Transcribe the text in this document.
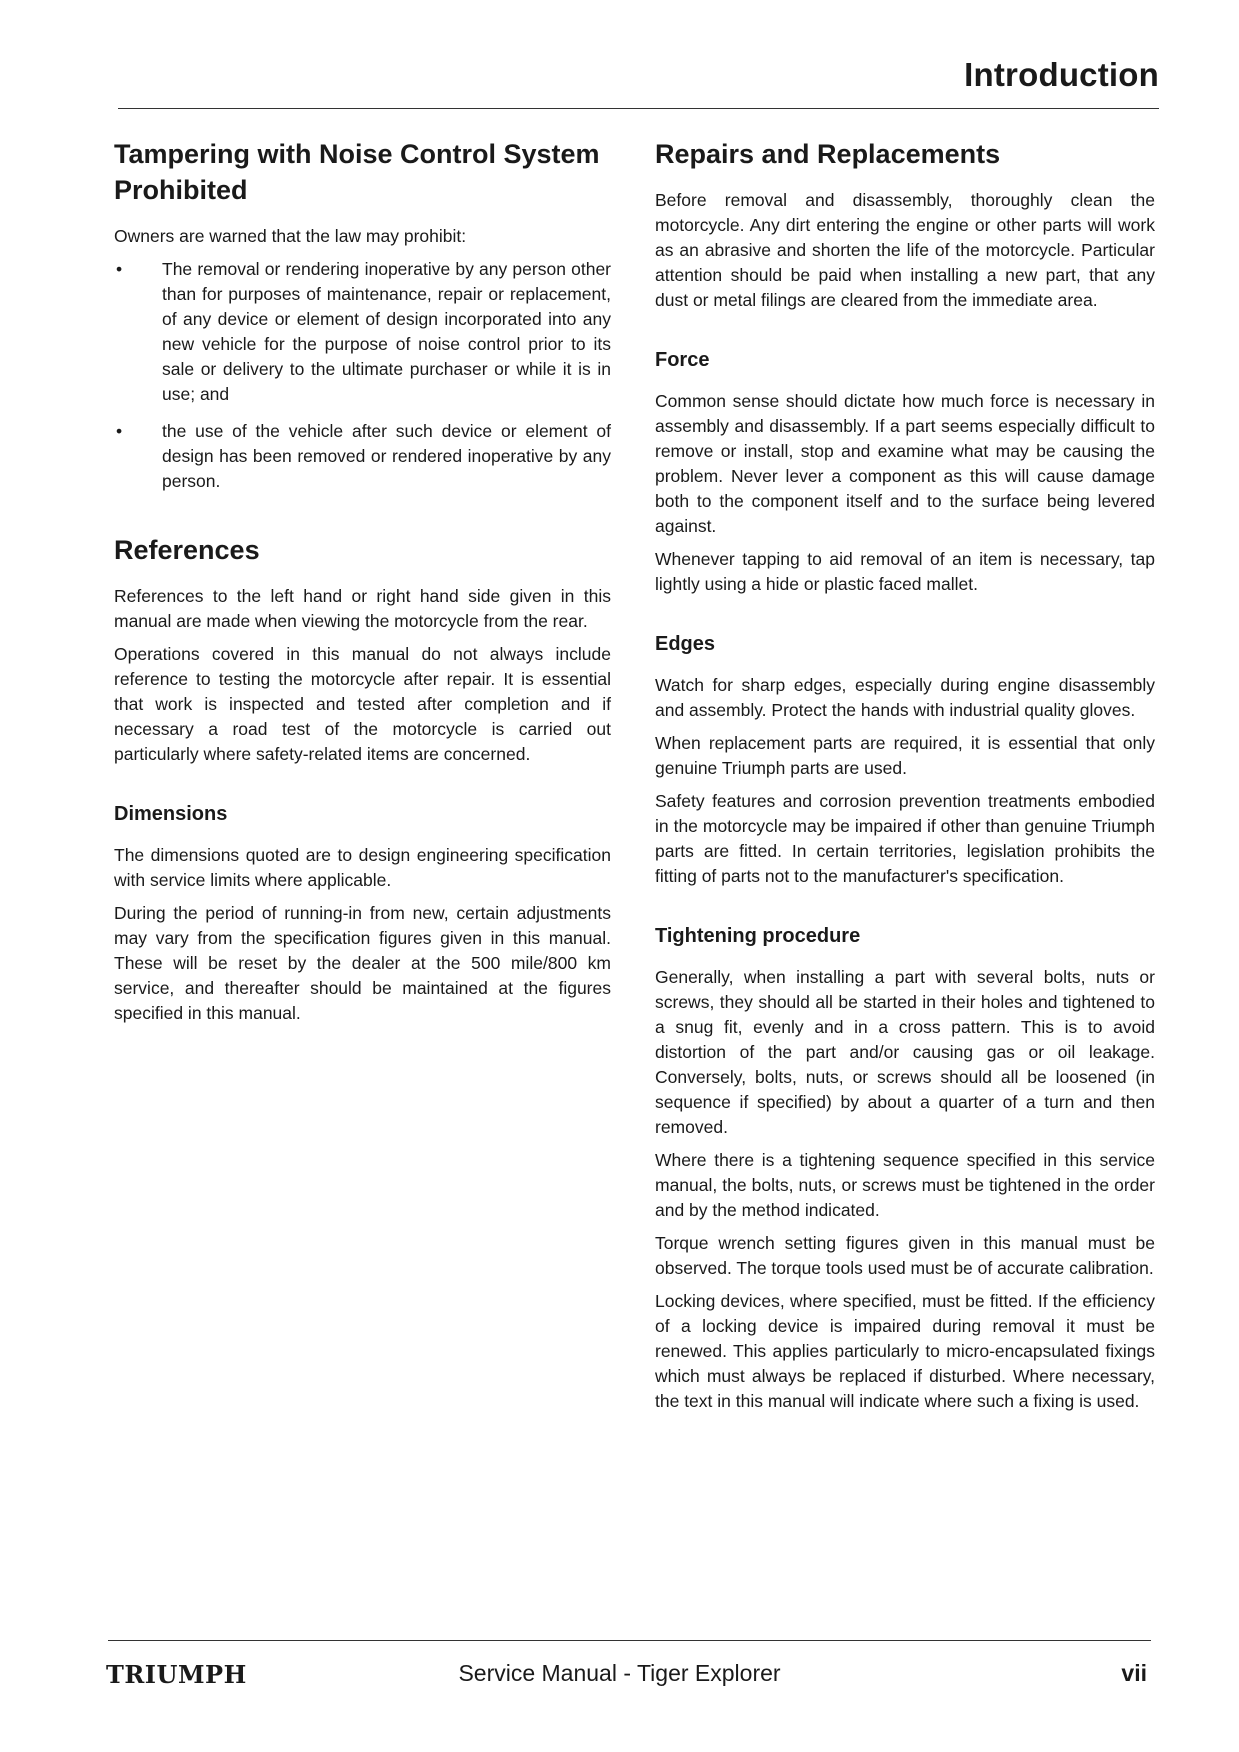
Introduction
Tampering with Noise Control System Prohibited

Owners are warned that the law may prohibit:

• The removal or rendering inoperative by any person other than for purposes of maintenance, repair or replacement, of any device or element of design incorporated into any new vehicle for the purpose of noise control prior to its sale or delivery to the ultimate purchaser or while it is in use; and
• the use of the vehicle after such device or element of design has been removed or rendered inoperative by any person.
References

References to the left hand or right hand side given in this manual are made when viewing the motorcycle from the rear.

Operations covered in this manual do not always include reference to testing the motorcycle after repair. It is essential that work is inspected and tested after completion and if necessary a road test of the motorcycle is carried out particularly where safety-related items are concerned.

Dimensions

The dimensions quoted are to design engineering specification with service limits where applicable.

During the period of running-in from new, certain adjustments may vary from the specification figures given in this manual. These will be reset by the dealer at the 500 mile/800 km service, and thereafter should be maintained at the figures specified in this manual.

Repairs and Replacements

Before removal and disassembly, thoroughly clean the motorcycle. Any dirt entering the engine or other parts will work as an abrasive and shorten the life of the motorcycle. Particular attention should be paid when installing a new part, that any dust or metal filings are cleared from the immediate area.

Force

Common sense should dictate how much force is necessary in assembly and disassembly. If a part seems especially difficult to remove or install, stop and examine what may be causing the problem. Never lever a component as this will cause damage both to the component itself and to the surface being levered against.

Whenever tapping to aid removal of an item is necessary, tap lightly using a hide or plastic faced mallet.

Edges

Watch for sharp edges, especially during engine disassembly and assembly. Protect the hands with industrial quality gloves.

When replacement parts are required, it is essential that only genuine Triumph parts are used.

Safety features and corrosion prevention treatments embodied in the motorcycle may be impaired if other than genuine Triumph parts are fitted. In certain territories, legislation prohibits the fitting of parts not to the manufacturer's specification.

Tightening procedure

Generally, when installing a part with several bolts, nuts or screws, they should all be started in their holes and tightened to a snug fit, evenly and in a cross pattern. This is to avoid distortion of the part and/or causing gas or oil leakage. Conversely, bolts, nuts, or screws should all be loosened (in sequence if specified) by about a quarter of a turn and then removed.

Where there is a tightening sequence specified in this service manual, the bolts, nuts, or screws must be tightened in the order and by the method indicated.

Torque wrench setting figures given in this manual must be observed. The torque tools used must be of accurate calibration.

Locking devices, where specified, must be fitted. If the efficiency of a locking device is impaired during removal it must be renewed. This applies particularly to micro-encapsulated fixings which must always be replaced if disturbed. Where necessary, the text in this manual will indicate where such a fixing is used.

TRIUMPH	Service Manual - Tiger Explorer	vii
